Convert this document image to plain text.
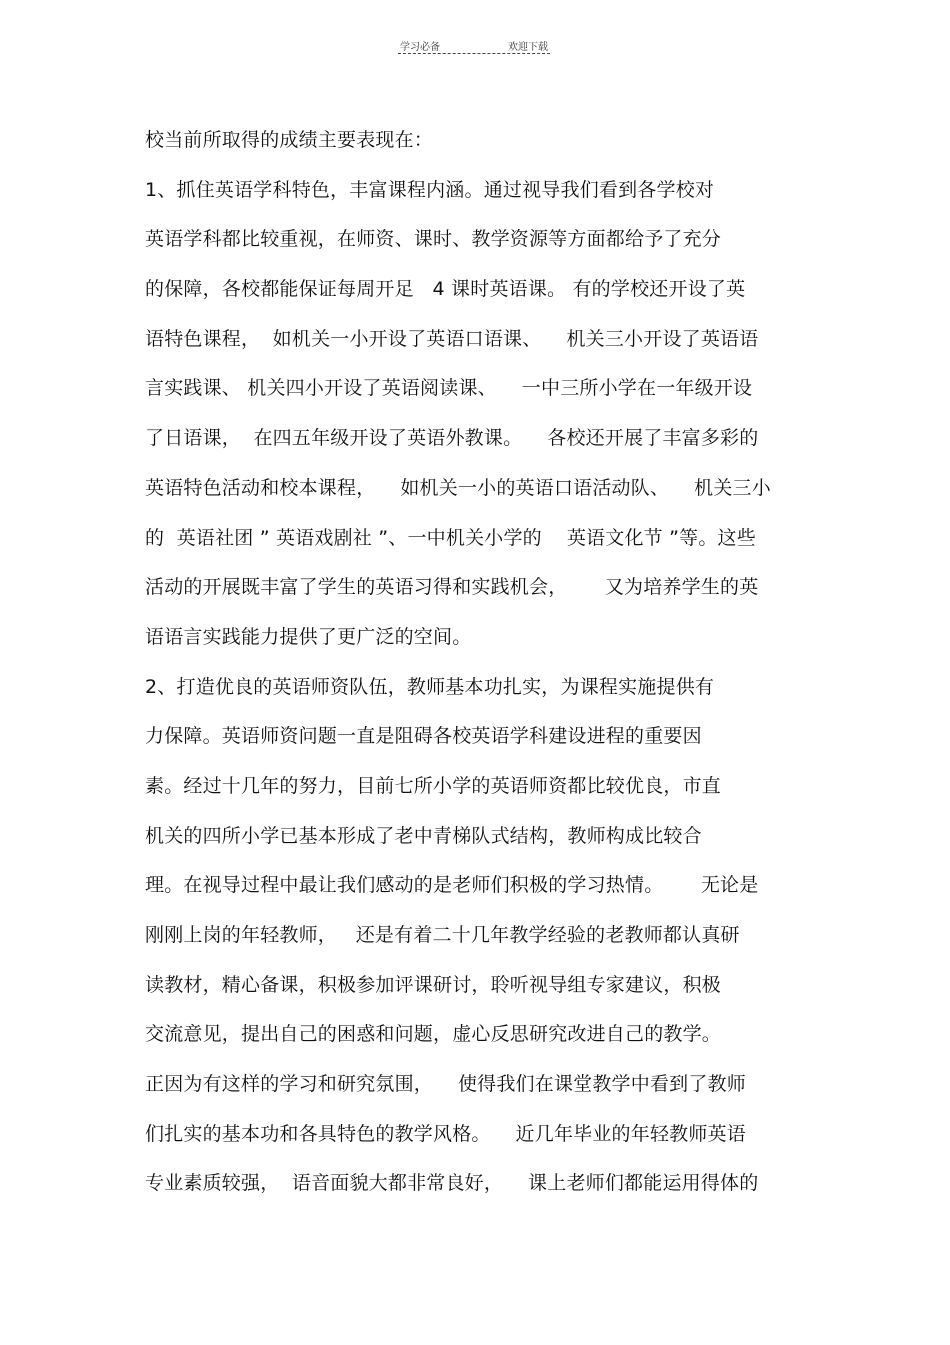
学习必备	欢迎下载
校当前所取得的成绩主要表现在：
1、抓住英语学科特色，丰富课程内涵。通过视导我们看到各学校对
英语学科都比较重视，在师资、课时、教学资源等方面都给予了充分
的保障，各校都能保证每周开足   4 课时英语课。 有的学校还开设了英
语特色课程，  如机关一小开设了英语口语课、    机关三小开设了英语语
言实践课、 机关四小开设了英语阅读课、    一中三所小学在一年级开设
了日语课，  在四五年级开设了英语外教课。    各校还开展了丰富多彩的
英语特色活动和校本课程，    如机关一小的英语口语活动队、    机关三小
的  英语社团 ” 英语戏剧社 ”、一中机关小学的    英语文化节 ”等。这些
活动的开展既丰富了学生的英语习得和实践机会，      又为培养学生的英
语语言实践能力提供了更广泛的空间。
2、打造优良的英语师资队伍，教师基本功扎实，为课程实施提供有
力保障。英语师资问题一直是阻碍各校英语学科建设进程的重要因
素。经过十几年的努力，目前七所小学的英语师资都比较优良，市直
机关的四所小学已基本形成了老中青梯队式结构，教师构成比较合
理。在视导过程中最让我们感动的是老师们积极的学习热情。      无论是
刚刚上岗的年轻教师，   还是有着二十几年教学经验的老教师都认真研
读教材，精心备课，积极参加评课研讨，聆听视导组专家建议，积极
交流意见，提出自己的困惑和问题，虚心反思研究改进自己的教学。
正因为有这样的学习和研究氛围，    使得我们在课堂教学中看到了教师
们扎实的基本功和各具特色的教学风格。    近几年毕业的年轻教师英语
专业素质较强，  语音面貌大都非常良好，    课上老师们都能运用得体的
